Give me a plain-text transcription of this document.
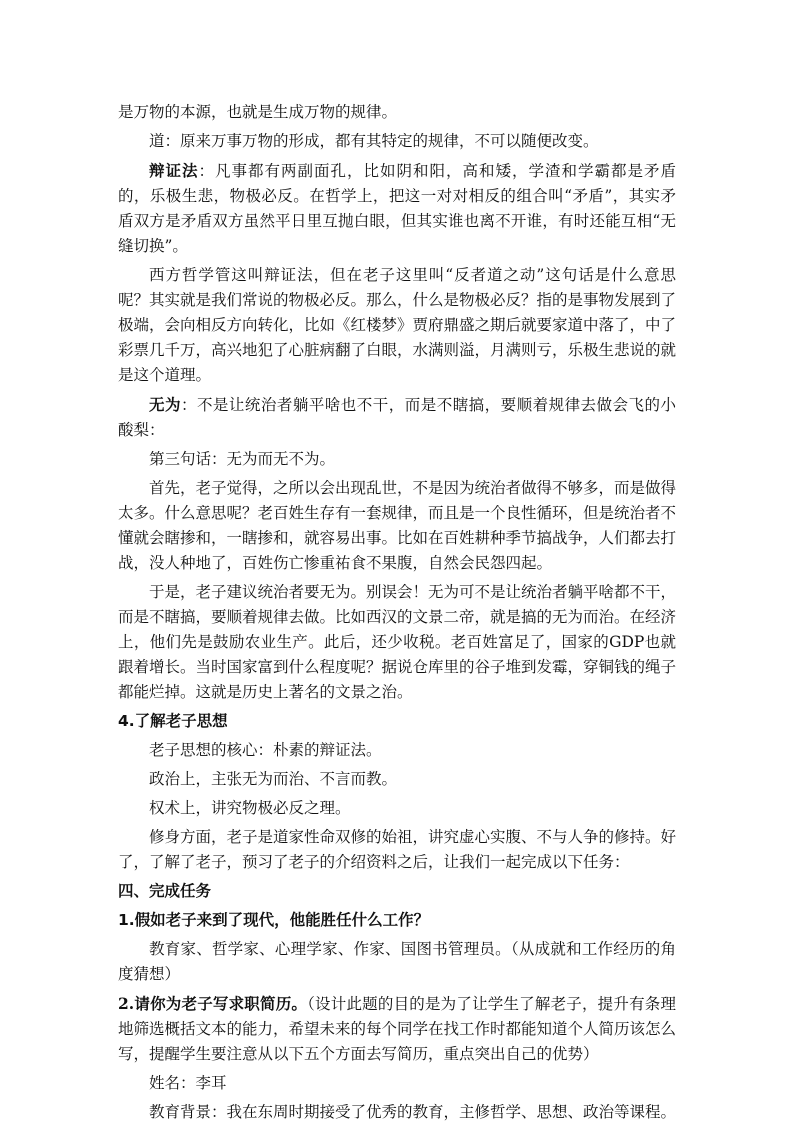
是万物的本源，也就是生成万物的规律。

道：原来万事万物的形成，都有其特定的规律，不可以随便改变。

辩证法：凡事都有两副面孔，比如阴和阳，高和矮，学渣和学霸都是矛盾的，乐极生悲，物极必反。在哲学上，把这一对对相反的组合叫“矛盾”，其实矛盾双方是矛盾双方虽然平日里互抛白眼，但其实谁也离不开谁，有时还能互相“无缝切换”。

西方哲学管这叫辩证法，但在老子这里叫“反者道之动”这句话是什么意思呢？其实就是我们常说的物极必反。那么，什么是物极必反？指的是事物发展到了极端，会向相反方向转化，比如《红楼梦》贾府鼎盛之期后就要家道中落了，中了彩票几千万，高兴地犯了心脏病翻了白眼，水满则溢，月满则亏，乐极生悲说的就是这个道理。

无为：不是让统治者躺平啥也不干，而是不瞎搞，要顺着规律去做会飞的小酸梨：

第三句话：无为而无不为。

首先，老子觉得，之所以会出现乱世，不是因为统治者做得不够多，而是做得太多。什么意思呢？老百姓生存有一套规律，而且是一个良性循环，但是统治者不懂就会瞎掺和，一瞎掺和，就容易出事。比如在百姓耕种季节搞战争，人们都去打战，没人种地了，百姓伤亡惨重祐食不果腹，自然会民怨四起。

于是，老子建议统治者要无为。别误会！无为可不是让统治者躺平啥都不干，而是不瞎搞，要顺着规律去做。比如西汉的文景二帝，就是搞的无为而治。在经济上，他们先是鼓励农业生产。此后，还少收税。老百姓富足了，国家的GDP也就跟着增长。当时国家富到什么程度呢？据说仓库里的谷子堆到发霉，穿铜钱的绳子都能烂掉。这就是历史上著名的文景之治。

4.了解老子思想

老子思想的核心：朴素的辩证法。

政治上，主张无为而治、不言而教。

权术上，讲究物极必反之理。

修身方面，老子是道家性命双修的始祖，讲究虚心实腹、不与人争的修持。好了，了解了老子，预习了老子的介绍资料之后，让我们一起完成以下任务：

四、完成任务
1.假如老子来到了现代，他能胜任什么工作？

教育家、哲学家、心理学家、作家、国图书管理员。（从成就和工作经历的角度猜想）

2.请你为老子写求职简历。（设计此题的目的是为了让学生了解老子，提升有条理地筛选概括文本的能力，希望未来的每个同学在找工作时都能知道个人简历该怎么写，提醒学生要注意从以下五个方面去写简历，重点突出自己的优势）

姓名：李耳

教育背景：我在东周时期接受了优秀的教育，主修哲学、思想、政治等课程。
